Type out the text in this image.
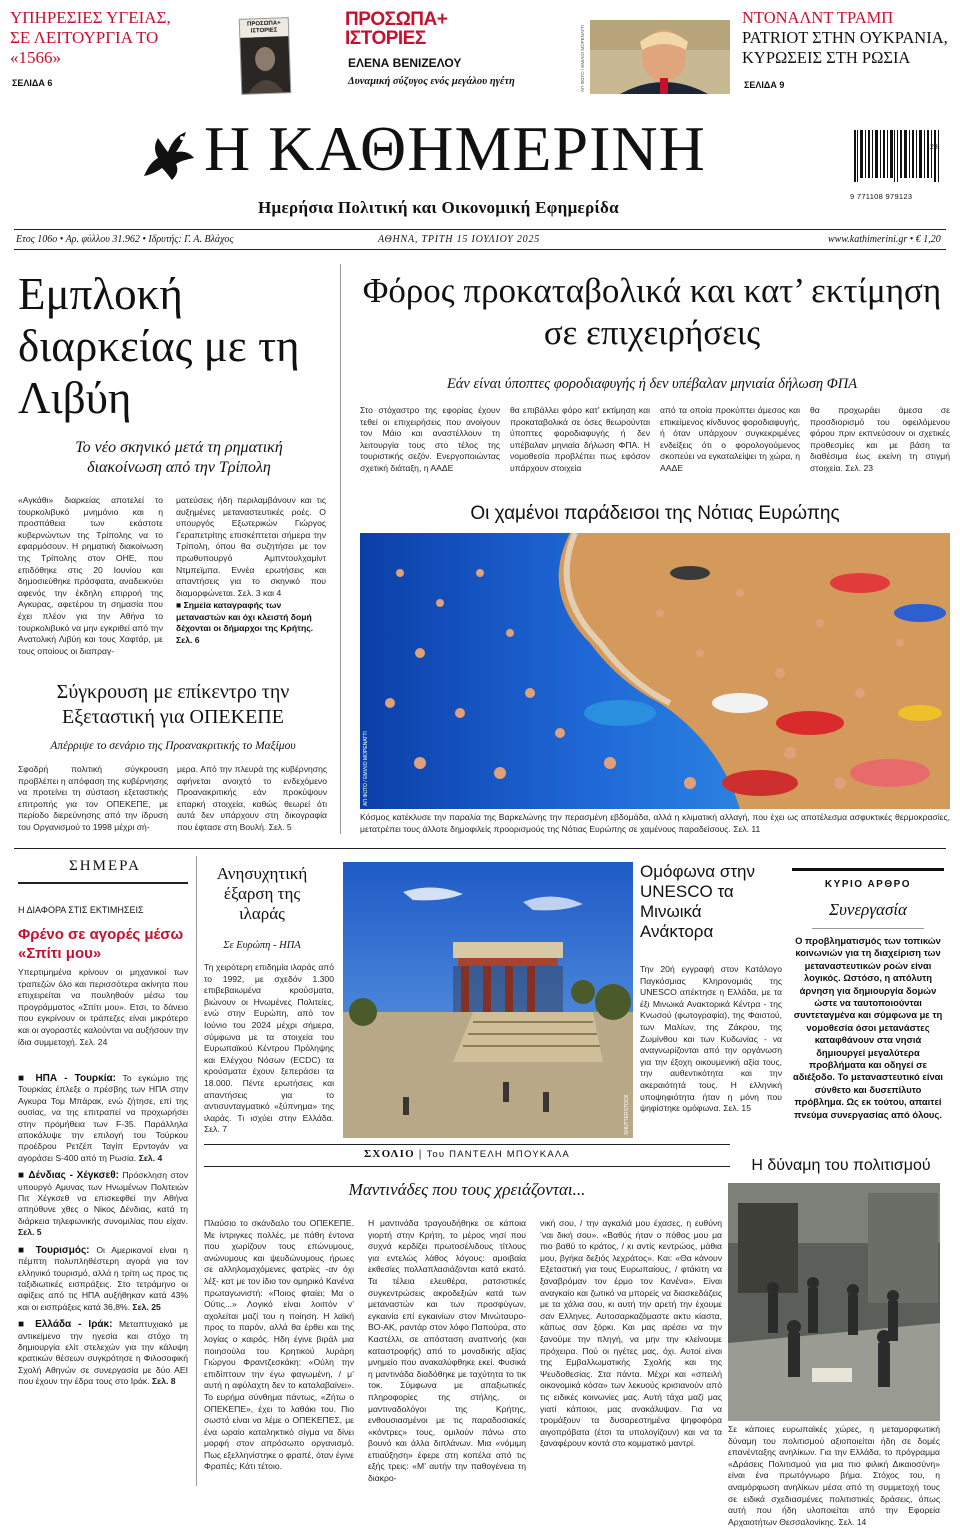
ΥΠΗΡΕΣΙΕΣ ΥΓΕΙΑΣ, ΣΕ ΛΕΙΤΟΥΡΓΙΑ ΤΟ «1566»
ΣΕΛΙΔΑ 6
ΠΡΟΣΩΠΑ+ ΙΣΤΟΡΙΕΣ
ΠΡΟΣΩΠΑ+ ΙΣΤΟΡΙΕΣ
ΕΛΕΝΑ ΒΕΝΙΖΕΛΟΥ
Δυναμική σύζυγος ενός μεγάλου ηγέτη	ΑΠ ΦΩΤΟ / ΕΜΙΛΙΟ ΜΟΡΕΝΑΤΤΙ
ΝΤΟΝΑΛΝΤ ΤΡΑΜΠ
PATRIOT ΣΤΗΝ ΟΥΚΡΑΝΙΑ, ΚΥΡΩΣΕΙΣ ΣΤΗ ΡΩΣΙΑ
ΣΕΛΙΔΑ 9
Η ΚΑΘΗΜΕΡΙΝΗ
Ημερήσια Πολιτική και Οικονομική Εφημερίδα
28
9 771108 979123
Ετος 106ο • Αρ. φύλλου 31.962 • Ιδρυτής: Γ. Α. Βλάχος	ΑΘΗΝΑ, ΤΡΙΤΗ 15 ΙΟΥΛΙΟΥ 2025	www.kathimerini.gr • € 1,20
Εμπλοκή διαρκείας με τη Λιβύη
Το νέο σκηνικό μετά τη ρηματική διακοίνωση από την Τρίπολη
«Αγκάθι» διαρκείας αποτελεί το τουρκολιβυκό μνημόνιο και η προσπάθεια των εκάστοτε κυβερνώντων της Τρίπολης να το εφαρμόσουν. Η ρηματική διακοίνωση της Τρίπολης στον ΟΗΕ, που επιδόθηκε στις 20 Ιουνίου και δημοσιεύθηκε πρόσφατα, αναδεικνύει αφενός την έκδηλη επιρροή της Αγκυρας, αφετέρου τη σημασία που έχει πλέον για την Αθήνα το τουρκολιβυκό να μην εγκριθεί από την Ανατολική Λιβύη και τους Χαφτάρ, με τους οποίους οι διαπραγ-
ματεύσεις ήδη περιλαμβάνουν και τις αυξημένες μεταναστευτικές ροές. Ο υπουργός Εξωτερικών Γιώργος Γεραπετρίτης επισκέπτεται σήμερα την Τρίπολη, όπου θα συζητήσει με τον πρωθυπουργό Αμπντουλχαμίντ Ντμπεϊμπα. Εννέα ερωτήσεις και απαντήσεις για το σκηνικό που διαμορφώνεται. Σελ. 3 και 4
■ Σημεία καταγραφής των μεταναστών και όχι κλειστή δομή δέχονται οι δήμαρχοι της Κρήτης. Σελ. 6
Σύγκρουση με επίκεντρο την Εξεταστική για ΟΠΕΚΕΠΕ
Απέρριψε το σενάριο της Προανακριτικής το Μαξίμου
Σφοδρή πολιτική σύγκρουση προβλέπει η απόφαση της κυβέρνησης να προτείνει τη σύσταση εξεταστικής επιτροπής για τον ΟΠΕΚΕΠΕ, με περίοδο διερεύνησης από την ίδρυση του Οργανισμού το 1998 μέχρι σή-
μερα. Από την πλευρά της κυβέρνησης αφήνεται ανοιχτό το ενδεχόμενο Προανακριτικής εάν προκύψουν επαρκή στοιχεία, καθώς θεωρεί ότι αυτά δεν υπάρχουν στη δικογραφία που έφτασε στη Βουλή. Σελ. 5
Φόρος προκαταβολικά και κατ’ εκτίμηση σε επιχειρήσεις
Εάν είναι ύποπτες φοροδιαφυγής ή δεν υπέβαλαν μηνιαία δήλωση ΦΠΑ
Στο στόχαστρο της εφορίας έχουν τεθεί οι επιχειρήσεις που ανοίγουν τον Μάιο και αναστέλλουν τη λειτουργία τους στο τέλος της τουριστικής σεζόν. Ενεργοποιώντας σχετική διάταξη, η ΑΑΔΕ
θα επιβάλλει φόρο κατ’ εκτίμηση και προκαταβολικά σε όσες θεωρούνται ύποπτες φοροδιαφυγής ή δεν υπέβαλαν μηνιαία δήλωση ΦΠΑ. Η νομοθεσία προβλέπει πως εφόσον υπάρχουν στοιχεία
από τα οποία προκύπτει άμεσος και επικείμενος κίνδυνος φοροδιαφυγής, ή όταν υπάρχουν συγκεκριμένες ενδείξεις ότι ο φορολογούμενος σκοπεύει να εγκαταλείψει τη χώρα, η ΑΑΔΕ
θα προχωράει άμεσα σε προσδιορισμό του οφειλόμενου φόρου πριν εκπνεύσουν οι σχετικές προθεσμίες και με βάση τα διαθέσιμα έως εκείνη τη στιγμή στοιχεία. Σελ. 23
Οι χαμένοι παράδεισοι της Νότιας Ευρώπης
ΑΠ ΦΩΤΟ / ΕΜΙΛΙΟ ΜΟΡΕΝΑΤΤΙ
Κόσμος κατέκλυσε την παραλία της Βαρκελώνης την περασμένη εβδομάδα, αλλά η κλιματική αλλαγή, που έχει ως αποτέλεσμα ασφυκτικές θερμοκρασίες, μετατρέπει τους άλλοτε δημοφιλείς προορισμούς της Νότιας Ευρώπης σε χαμένους παραδείσους. Σελ. 11
ΣΗΜΕΡΑ
Η ΔΙΑΦΟΡΑ ΣΤΙΣ ΕΚΤΙΜΗΣΕΙΣ
Φρένο σε αγορές μέσω «Σπίτι μου»
Υπερτιμημένα κρίνουν οι μηχανικοί των τραπεζών όλο και περισσότερα ακίνητα που επιχειρείται να πουληθούν μέσω του προγράμματος «Σπίτι μου». Ετσι, το δάνειο που εγκρίνουν οι τράπεζες είναι μικρότερο και οι αγοραστές καλούνται να αυξήσουν την ίδια συμμετοχή. Σελ. 24
■ ΗΠΑ - Τουρκία: Το εγκώμιο της Τουρκίας έπλεξε ο πρέσβης των ΗΠΑ στην Αγκυρα Τομ Μπάρακ, ενώ ζήτησε, επί της ουσίας, να της επιτραπεί να προχωρήσει στην προμήθεια των F-35. Παράλληλα αποκάλυψε την επιλογή του Τούρκου προέδρου Ρετζέπ Ταγίπ Ερντογάν να αγοράσει S-400 από τη Ρωσία. Σελ. 4
■ Δένδιας - Χέγκσεθ: Πρόσκληση στον υπουργό Αμυνας των Ηνωμένων Πολιτειών Πιτ Χέγκσεθ να επισκεφθεί την Αθήνα απηύθυνε χθες ο Νίκος Δένδιας, κατά τη διάρκεια τηλεφωνικής συνομιλίας που είχαν. Σελ. 5
■ Τουρισμός: Οι Αμερικανοί είναι η πέμπτη πολυπληθέστερη αγορά για τον ελληνικό τουρισμό, αλλά η τρίτη ως προς τις ταξιδιωτικές εισπράξεις. Στο τετράμηνο οι αφίξεις από τις ΗΠΑ αυξήθηκαν κατά 43% και οι εισπράξεις κατά 36,8%. Σελ. 25
■ Ελλάδα - Ιράκ: Μεταπτυχιακό με αντικείμενο την ηγεσία και στόχο τη δημιουργία ελίτ στελεχών για την κάλυψη κρατικών θέσεων συγκρότησε η Φιλοσοφική Σχολή Αθηνών σε συνεργασία με δύο ΑΕΙ που έχουν την έδρα τους στο Ιράκ. Σελ. 8
Ανησυχητική έξαρση της ιλαράς
Σε Ευρώπη - ΗΠΑ
Τη χειρότερη επιδημία ιλαράς από το 1992, με σχεδόν 1.300 επιβεβαιωμένα κρούσματα, βιώνουν οι Ηνωμένες Πολιτείες, ενώ στην Ευρώπη, από τον Ιούνιο του 2024 μέχρι σήμερα, σύμφωνα με τα στοιχεία του Ευρωπαϊκού Κέντρου Πρόληψης και Ελέγχου Νόσων (ECDC) τα κρούσματα έχουν ξεπεράσει τα 18.000. Πέντε ερωτήσεις και απαντήσεις για το αντισυνταγματικό «ξύπνημα» της ιλαράς. Τι ισχύει στην Ελλάδα. Σελ. 7	SHUTTERSTOCK
Ομόφωνα στην UNESCO τα Μινωικά Ανάκτορα
Την 20ή εγγραφή στον Κατάλογο Παγκόσμιας Κληρονομιάς της UNESCO απέκτησε η Ελλάδα, με τα έξι Μινωικά Ανακτορικά Κέντρα - της Κνωσού (φωτογραφία), της Φαιστού, των Μαλίων, της Ζάκρου, της Ζωμίνθου και των Κυδωνίας - να αναγνωρίζονται από την οργάνωση για την έξοχη οικουμενική αξία τους, την αυθεντικότητα και την ακεραιότητά τους. Η ελληνική υποψηφιότητα ήταν η μόνη που ψηφίστηκε ομόφωνα. Σελ. 15
ΚΥΡΙΟ ΑΡΘΡΟ
Συνεργασία
Ο προβληματισμός των τοπικών κοινωνιών για τη διαχείριση των μεταναστευτικών ροών είναι λογικός. Ωστόσο, η απόλυτη άρνηση για δημιουργία δομών ώστε να ταυτοποιούνται συντεταγμένα και σύμφωνα με τη νομοθεσία όσοι μετανάστες καταφθάνουν στα νησιά δημιουργεί μεγαλύτερα προβλήματα και οδηγεί σε αδιέξοδο. Το μεταναστευτικό είναι σύνθετο και δυσεπίλυτο πρόβλημα. Ως εκ τούτου, απαιτεί πνεύμα συνεργασίας από όλους.
ΣΧΟΛΙΟ | Του ΠΑΝΤΕΛΗ ΜΠΟΥΚΑΛΑ
Μαντινάδες που τους χρειάζονται...
Πλαύσιο το σκάνδαλο του ΟΠΕΚΕΠΕ. Με ίντριγκες πολλές, με πάθη έντονα που χωρίζουν τους επώνυμους, ανώνυμους και ψευδώνυμους ήρωες σε αλληλομαχόμενες φατρίες -αν όχι λέξ- κατ με τον ίδιο τον ομηρικό Κανένα πρωταγωνιστή: «Ποιος φταίει; Μα ο Ούτις...» Λογικό είναι λοιπόν ν’ αχολείται μαζί του η ποίηση. Η λαϊκή προς το παρόν, αλλά θα έρθει και της λογίας ο καιρός. Ηδη έγινε βιράλ μια ποιησούλα του Κρητικού λυράρη Γιώργου Φραντζεσκάκη: «Ούλη την επιδίπτουν την έγω φαγωμένη, / μ’ αυτή η αφύλαχτη δεν το καταλαβαίνει». Το ευρήμα σύνθημα πάντως, «Ζήτω ο ΟΠΕΚΕΠΕ», έχει το λαθάκι του. Πιο σωστό είναι να λέμε ο ΟΠΕΚΕΠΕΣ, με ένα ωραίο καταληκτικό σίγμα να δίνει μορφή στον απρόσωπο οργανισμό. Πως εξελληνίστηκε ο φραπέ, όταν έγινε Φραπές; Κάτι τέτοιο.
Η μαντινάδα τραγουδήθηκε σε κάποια γιορτή στην Κρήτη, το μέρος νησί που συχνά κερδίζει πρωτοσέλιδους τίτλους για εντελώς λάθος λόγους: αμοιβαία εκθεσίες πολλαπλασιάζονται κατά εκατό. Τα τέλεια ελευθέρα, ρατσιστικές συγκεντρώσεις ακροδεξιών κατά των μεταναστών και των προσφύγων, εγκαινία επί εγκαινίων στον Μινώταυρο-ΒΟ-ΑΚ, ραντάρ στον λόφο Παπούρα, στο Καστέλλι, σε απόσταση αναπνοής (και καταστροφής) από το μοναδικής αξίας μνημείο που ανακαλύφθηκε εκεί. Φυσικά η μαντινάδα διαδόθηκε με ταχύτητα το τικ τοκ. Σύμφωνα με απαξιωτικές πληροφορίες της στήλης, οι μαντιναδολόγοι της Κρήτης, ενθουσιασμένοι με τις παραδοσιακές «κόντρες» τους, ομιλούν πάνω στο βουνό και άλλα διπλάνων. Μια «νόμιμη επιαύξηση» έφερε στη κοπέλα από τις εξής τρεις: «Μ’ αυτήν την παθογένεια τη διακρο-
νική σου, / την αγκαλιά μου έχασες, η ευθύνη ’ναι δική σου». «Βαθύς ήταν ο πόθος μου μα πιο βαθύ το κράτος, / κι αντίς κεντρώος, μάθια μου, βγήκα δεξιός λεχράτος». Και: «Θα κάνουν Εξεταστική για τους Ευρωπαίους, / φτάκιτη να ξαναβρόμαν τον έρμο τον Κανένα». Είναι αναγκαίο και ζωτικό να μπορείς να διασκεδάζεις με τα χάλια σου, κι αυτή την αρετή την έχουμε σαν Ελληνες. Αυτοσαρκαζόμαστε ακτυ κίαστα, κάπως σαν ξόρκι. Και μας αρέσει να την ξανούμε την πληγή, να μην την κλείνουμε πρόχειρα. Πού οι ηγέτες μας, όχι. Αυτοί είναι της Εμβαλλωματικής Σχολής και της Ψευδοθεσίας. Στα πάντα. Μέχρι και «σπειλή οικονομικά κόσα» των λεκυούς κρισιανούν από τις ειδικές κοινωνίες μας. Αυτή τάχα μαζί μας γιατί κάποιοι, μας ανακάλυψαν. Για να τρομάξουν τα δυσαρεστημένα ψηφοφόρα αιγοπρόβατα (έτσι τα υπολογίζουν) και να τα ξαναφέρουν κοντά στο κομματικό μαντρί.
Η δύναμη του πολιτισμού
Σε κάποιες ευρωπαϊκές χώρες, η μεταμορφωτική δύναμη του πολιτισμού αξιοποιείται ήδη σε δομές επανένταξης ανηλίκων. Για την Ελλάδα, το πρόγραμμα «Δράσεις Πολιτισμού για μια πιο φιλική Δικαιοσύνη» είναι ένα πρωτόγνωρο βήμα. Στόχος του, η αναμόρφωση ανηλίκων μέσα από τη συμμετοχή τους σε ειδικά σχεδιασμένες πολιτιστικές δράσεις, όπως αυτή που ήδη υλοποιείται από την Εφορεία Αρχαιοτήτων Θεσσαλονίκης. Σελ. 14
